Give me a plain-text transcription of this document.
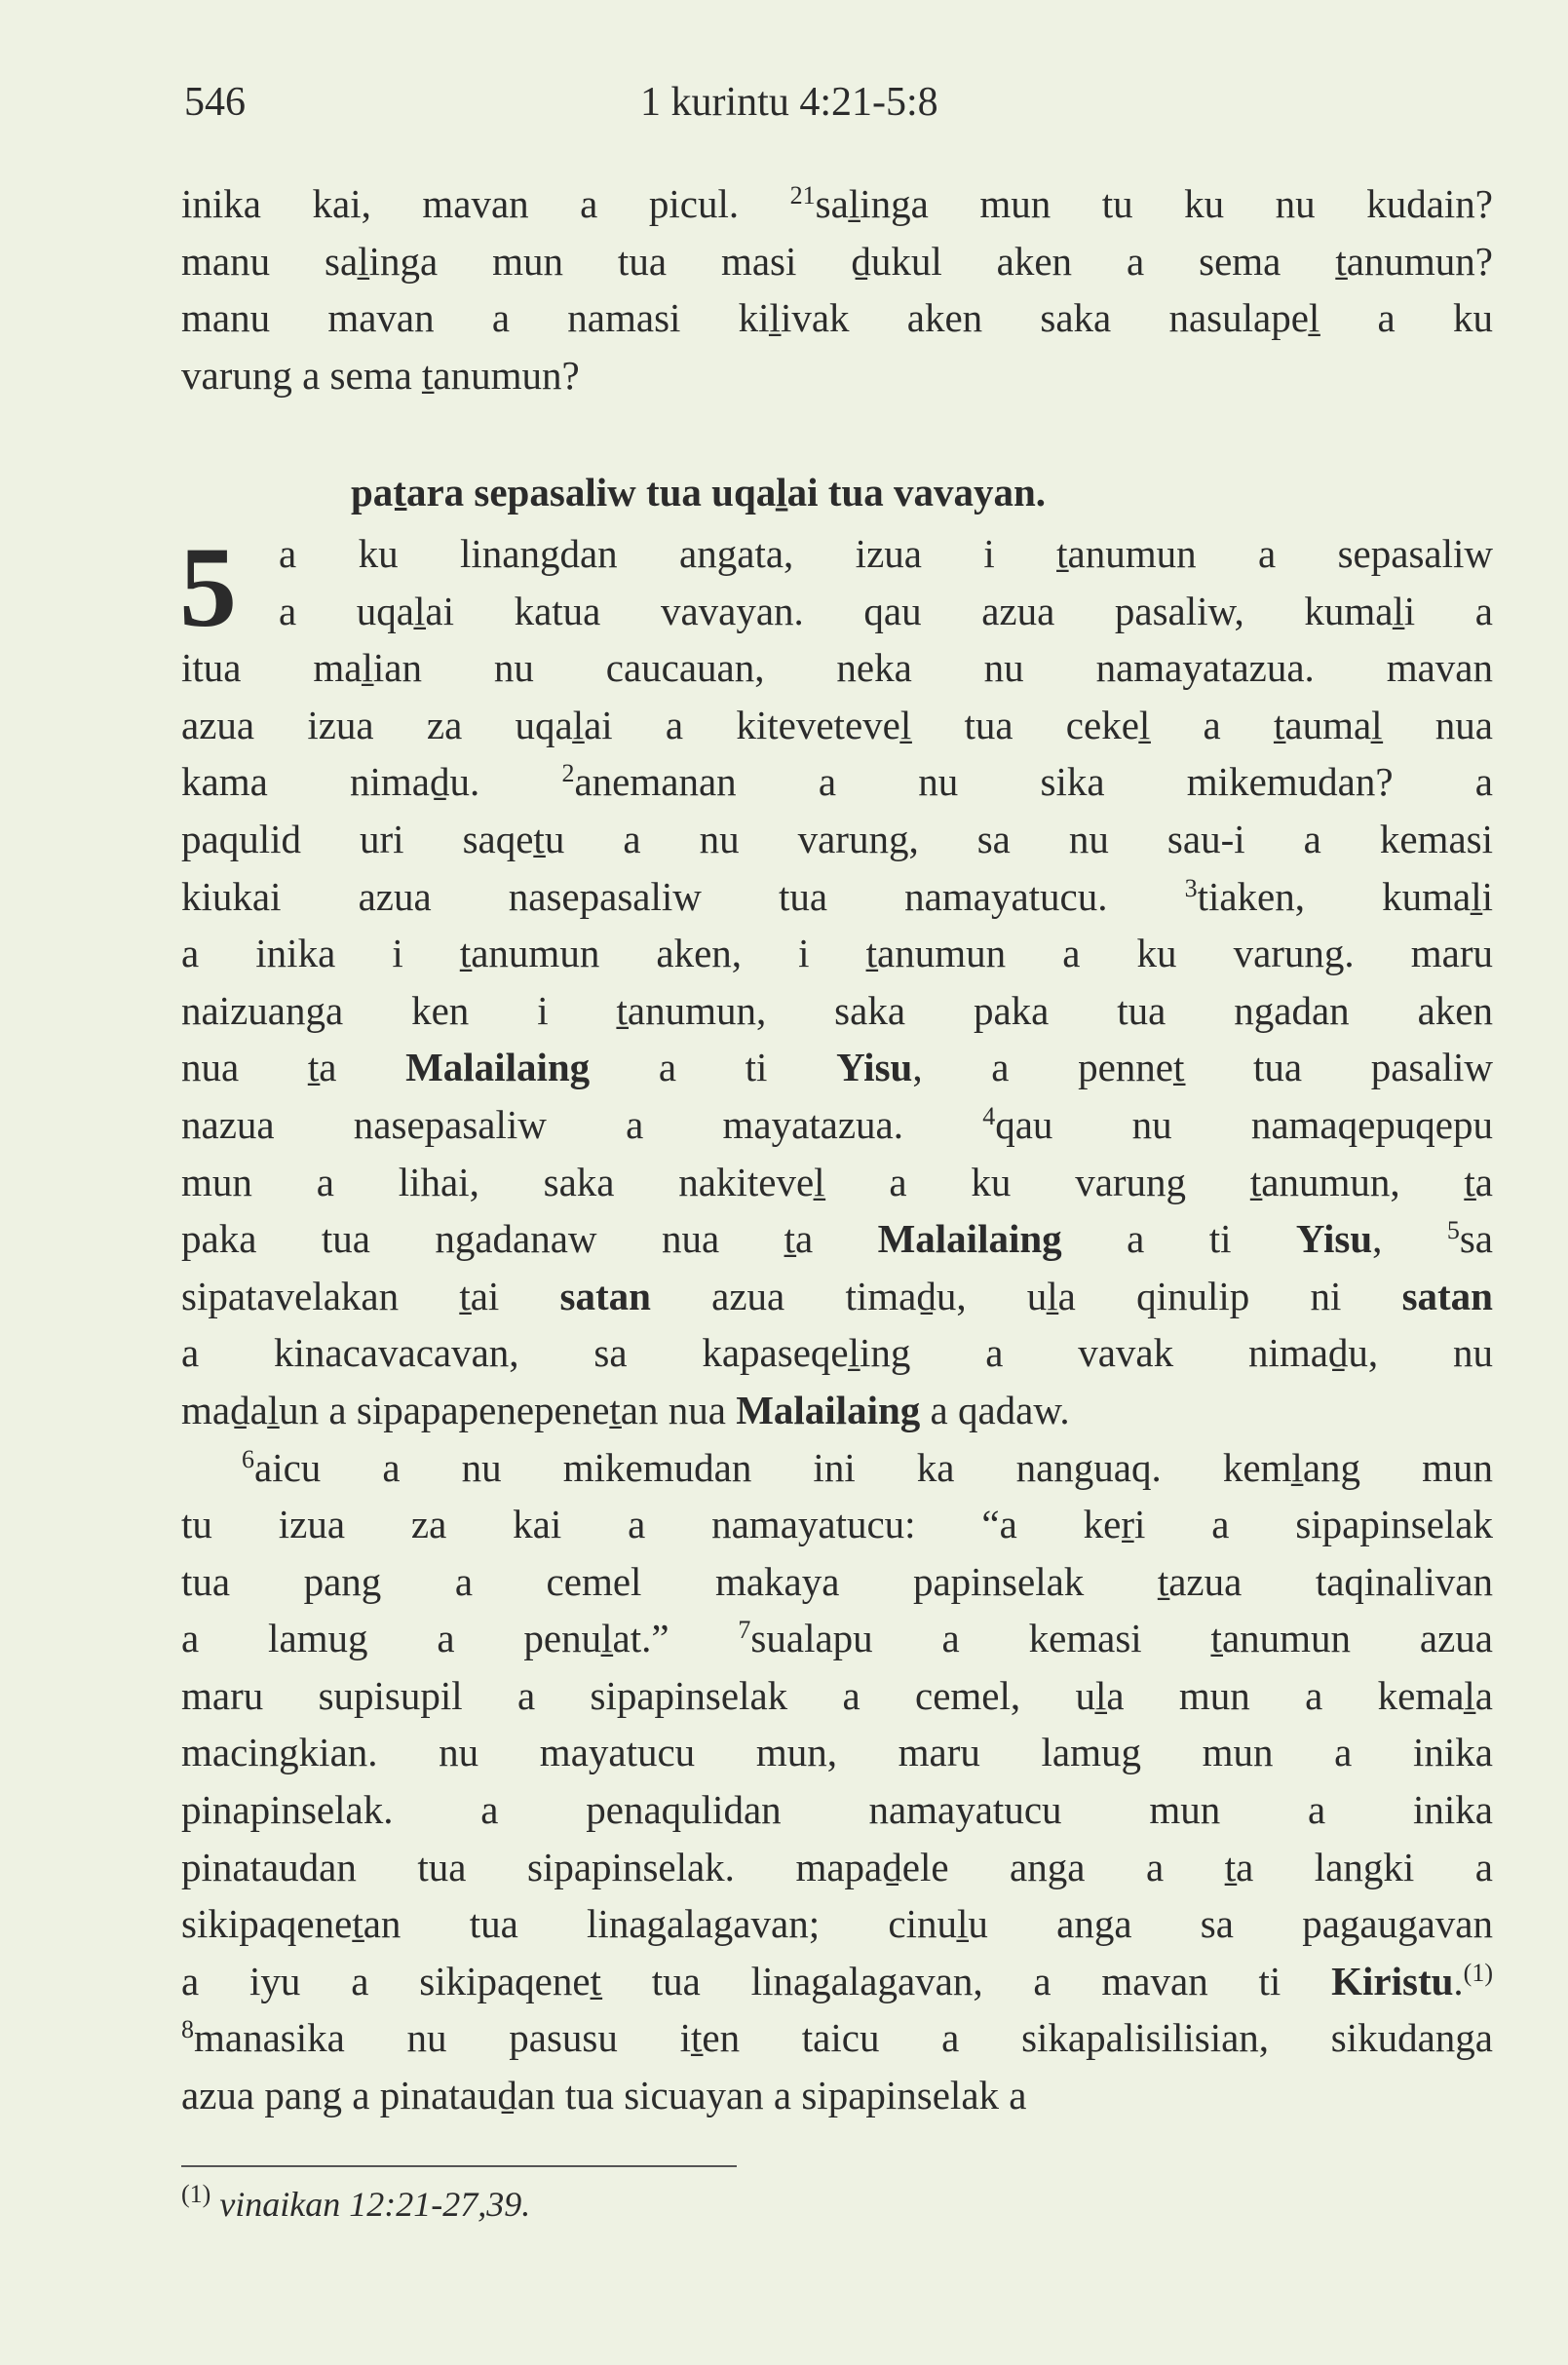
546	1 kurintu 4:21-5:8
inika kai, mavan a picul. $^{21}$saḻinga mun tu ku nu kudain?
manu saḻinga mun tua masi ḏukul aken a sema ṯanumun?
manu mavan a namasi kiḻivak aken saka nasulapeḻ a ku
varung a sema ṯanumun?
paṯara sepasaliw tua uqaḻai tua vavayan.
5	a ku linangdan angata, izua i ṯanumun a sepasaliw
a uqaḻai katua vavayan. qau azua pasaliw, kumaḻi a
itua maḻian nu caucauan, neka nu namayatazua. mavan
azua izua za uqaḻai a kiteveteveḻ tua cekeḻ a ṯaumaḻ nua
kama nimaḏu. $^2$anemanan a nu sika mikemudan? a
paqulid uri saqeṯu a nu varung, sa nu sau-i a kemasi
kiukai azua nasepasaliw tua namayatucu. $^3$tiaken, kumaḻi
a inika i ṯanumun aken, i ṯanumun a ku varung. maru
naizuanga ken i ṯanumun, saka paka tua ngadan aken
nua ṯa Malailaing a ti Yisu, a penneṯ tua pasaliw
nazua nasepasaliw a mayatazua. $^4$qau nu namaqepuqepu
mun a lihai, saka nakiteveḻ a ku varung ṯanumun, ṯa
paka tua ngadanaw nua ṯa Malailaing a ti Yisu, $^5$sa
sipatavelakan ṯai satan azua timaḏu, uḻa qinulip ni satan
a kinacavacavan, sa kapaseqeḻing a vavak nimaḏu, nu
maḏaḻun a sipapapenepeneṯan nua Malailaing a qadaw.
$^6$aicu a nu mikemudan ini ka nanguaq. kemḻang mun
tu izua za kai a namayatucu: “a keṟi a sipapinselak
tua pang a cemel makaya papinselak ṯazua taqinalivan
a lamug a penuḻat.” $^7$sualapu a kemasi ṯanumun azua
maru supisupil a sipapinselak a cemel, uḻa mun a kemaḻa
macingkian. nu mayatucu mun, maru lamug mun a inika
pinapinselak. a penaqulidan namayatucu mun a inika
pinataudan tua sipapinselak. mapaḏele anga a ṯa langki a
sikipaqeneṯan tua linagalagavan; cinuḻu anga sa pagaugavan
a iyu a sikipaqeneṯ tua linagalagavan, a mavan ti Kiristu.$^{(1)}$
$^8$manasika nu pasusu iṯen taicu a sikapalisilisian, sikudanga
azua pang a pinatauḏan tua sicuayan a sipapinselak a
$^{(1)}$ vinaikan 12:21-27,39.
